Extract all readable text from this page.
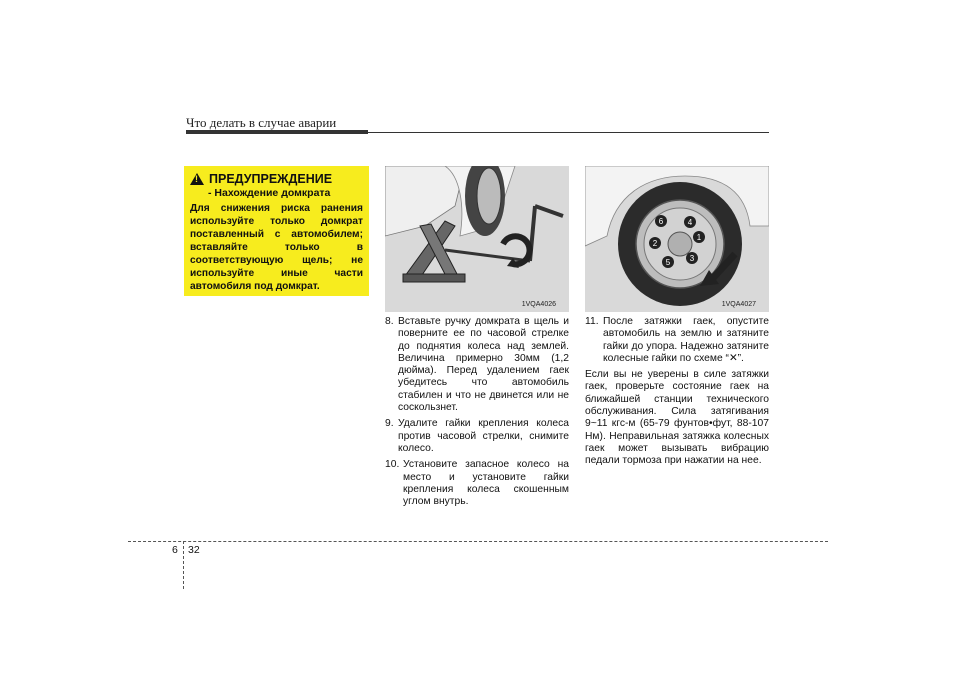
Что делать в случае аварии
!
ПРЕДУПРЕЖДЕНИЕ
- Нахождение домкрата
Для снижения риска ранения используйте только домкрат поставленный с автомобилем; вставляйте только в соответствующую щель; не используйте иные части автомобиля под домкрат.
1VQA4026
1
2
3
4
5
6
1VQA4027
8. Вставьте ручку домкрата в щель и поверните ее по часовой стрелке до поднятия колеса над землей. Величина примерно 30мм (1,2 дюйма). Перед удалением гаек убедитесь что автомобиль стабилен и что не двинется или не соскользнет.
9. Удалите гайки крепления колеса против часовой стрелки, снимите колесо.
10. Установите запасное колесо на место и установите гайки крепления колеса скошенным углом внутрь.
11. После затяжки гаек, опустите автомобиль на землю и затяните гайки до упора. Надежно затяните колесные гайки по схеме “✕”.
Если вы не уверены в силе затяжки гаек, проверьте состояние гаек на ближайшей станции технического обслуживания. Сила затягивания 9~11 кгс-м (65-79 фунтов•фут, 88-107 Нм). Неправильная затяжка колесных гаек может вызывать вибрацию педали тормоза при нажатии на нее.
6 32
